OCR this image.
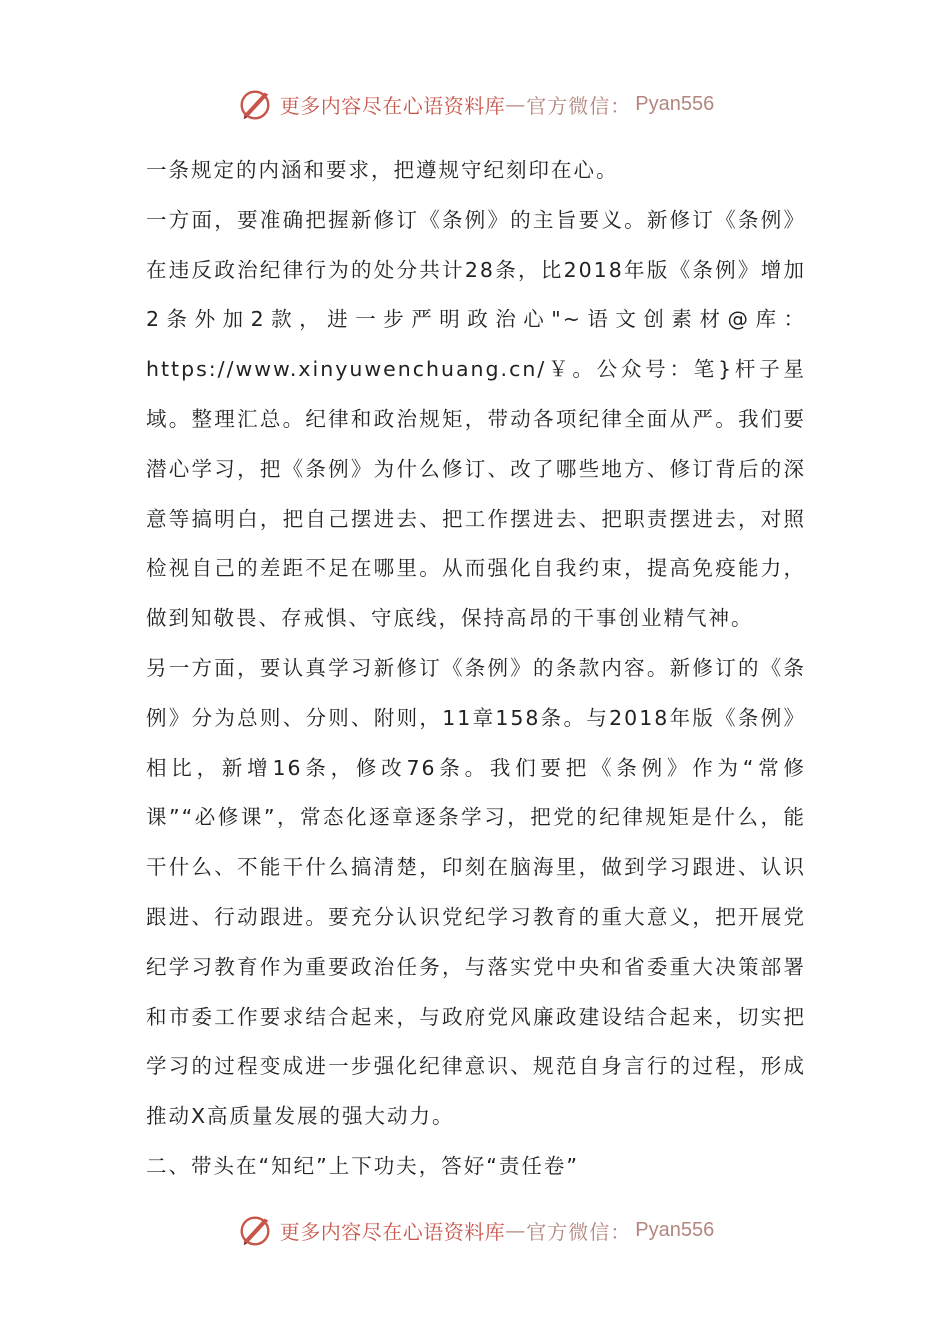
更多内容尽在心语资料库 — 官方微信： Pyan556

一条规定的内涵和要求，把遵规守纪刻印在心。

一方面，要准确把握新修订《条例》的主旨要义。新修订《条例》在违反政治纪律行为的处分共计28条，比2018年版《条例》增加2条外加2款，进一步严明政治心"~语文创素材@库：https://www.xinyuwenchuang.cn/￥。公众号：笔}杆子星域。整理汇总。纪律和政治规矩，带动各项纪律全面从严。我们要潜心学习，把《条例》为什么修订、改了哪些地方、修订背后的深意等搞明白，把自己摆进去、把工作摆进去、把职责摆进去，对照检视自己的差距不足在哪里。从而强化自我约束，提高免疫能力，做到知敬畏、存戒惧、守底线，保持高昂的干事创业精气神。

另一方面，要认真学习新修订《条例》的条款内容。新修订的《条例》分为总则、分则、附则，11章158条。与2018年版《条例》相比，新增16条，修改76条。我们要把《条例》作为“常修课”“必修课”，常态化逐章逐条学习，把党的纪律规矩是什么，能干什么、不能干什么搞清楚，印刻在脑海里，做到学习跟进、认识跟进、行动跟进。要充分认识党纪学习教育的重大意义，把开展党纪学习教育作为重要政治任务，与落实党中央和省委重大决策部署和市委工作要求结合起来，与政府党风廉政建设结合起来，切实把学习的过程变成进一步强化纪律意识、规范自身言行的过程，形成推动X高质量发展的强大动力。

二、带头在“知纪”上下功夫，答好“责任卷”

更多内容尽在心语资料库 — 官方微信： Pyan556
